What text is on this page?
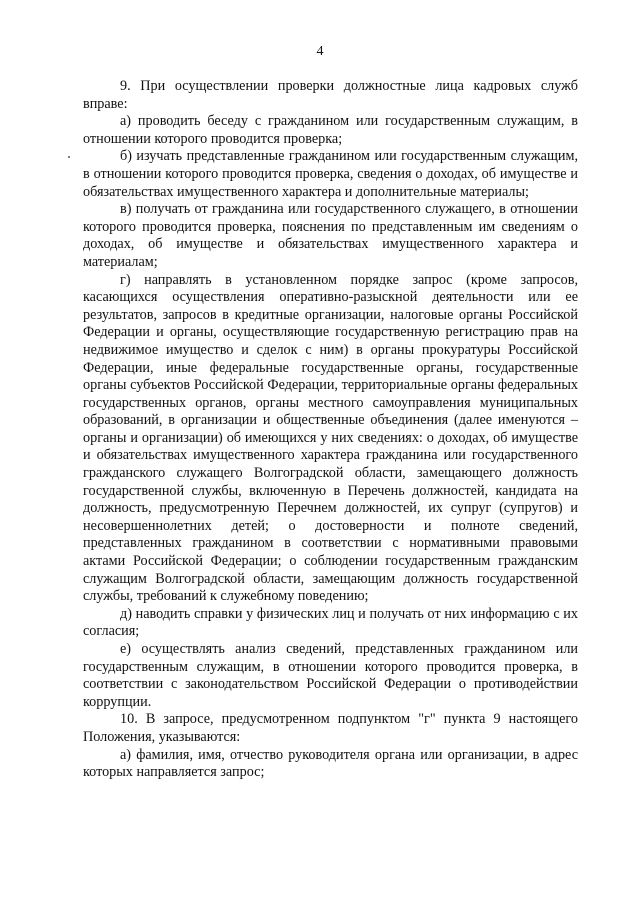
4

9. При осуществлении проверки должностные лица кадровых служб вправе:

а) проводить беседу с гражданином или государственным служащим, в отношении которого проводится проверка;

б) изучать представленные гражданином или государственным служащим, в отношении которого проводится проверка, сведения о доходах, об имуществе и обязательствах имущественного характера и дополнительные материалы;

в) получать от гражданина или государственного служащего, в отношении которого проводится проверка, пояснения по представленным им сведениям о доходах, об имуществе и обязательствах имущественного характера и материалам;

г) направлять в установленном порядке запрос (кроме запросов, касающихся осуществления оперативно-разыскной деятельности или ее результатов, запросов в кредитные организации, налоговые органы Российской Федерации и органы, осуществляющие государственную регистрацию прав на недвижимое имущество и сделок с ним) в органы прокуратуры Российской Федерации, иные федеральные государственные органы, государственные органы субъектов Российской Федерации, территориальные органы федеральных государственных органов, органы местного самоуправления муниципальных образований, в организации и общественные объединения (далее именуются – органы и организации) об имеющихся у них сведениях: о доходах, об имуществе и обязательствах имущественного характера гражданина или государственного гражданского служащего Волгоградской области, замещающего должность государственной службы, включенную в Перечень должностей, кандидата на должность, предусмотренную Перечнем должностей, их супруг (супругов) и несовершеннолетних детей; о достоверности и полноте сведений, представленных гражданином в соответствии с нормативными правовыми актами Российской Федерации; о соблюдении государственным гражданским служащим Волгоградской области, замещающим должность государственной службы, требований к служебному поведению;

д) наводить справки у физических лиц и получать от них информацию с их согласия;

е) осуществлять анализ сведений, представленных гражданином или государственным служащим, в отношении которого проводится проверка, в соответствии с законодательством Российской Федерации о противодействии коррупции.

10. В запросе, предусмотренном подпунктом "г" пункта 9 настоящего Положения, указываются:

а) фамилия, имя, отчество руководителя органа или организации, в адрес которых направляется запрос;
